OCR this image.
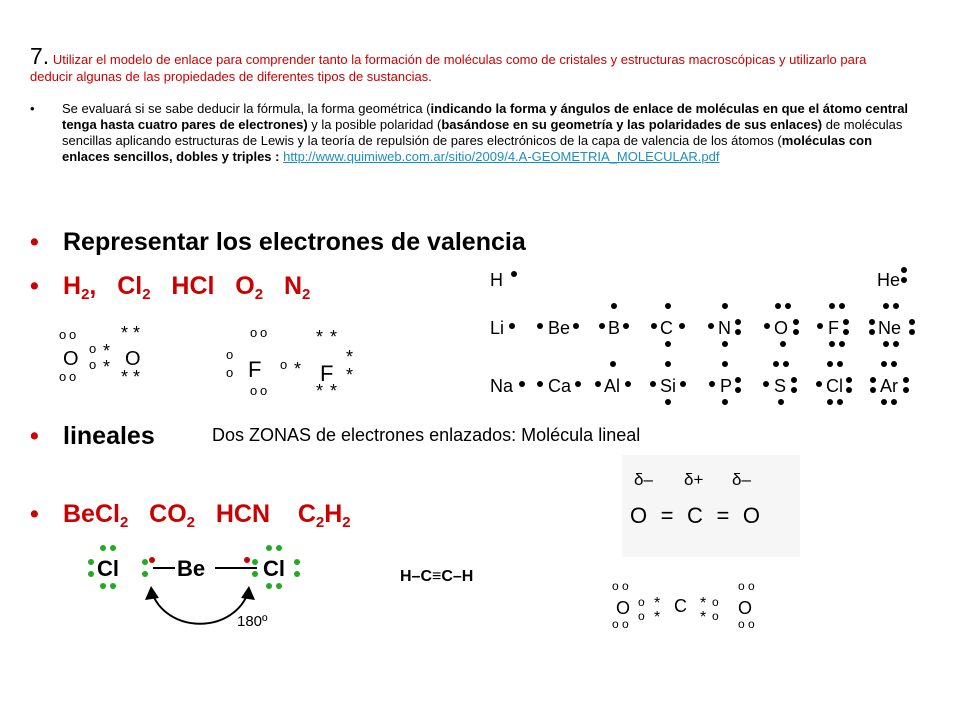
7. Utilizar el modelo de enlace para comprender tanto la formación de moléculas como de cristales y estructuras macroscópicas y utilizarlo para deducir algunas de las propiedades de diferentes tipos de sustancias.
•	Se evaluará si se sabe deducir la fórmula, la forma geométrica (indicando la forma y ángulos de enlace de moléculas en que el átomo central tenga hasta cuatro pares de electrones) y la posible polaridad (basándose en su geometría y las polaridades de sus enlaces) de moléculas sencillas aplicando estructuras de Lewis y la teoría de repulsión de pares electrónicos de la capa de valencia de los átomos (moléculas con enlaces sencillos, dobles y triples : http://www.quimiweb.com.ar/sitio/2009/4.A-GEOMETRIA_MOLECULAR.pdf
• Representar los electrones de valencia
• $H_2$, $Cl_2$ HCl $O_2$ $N_2$
• lineales	Dos ZONAS de electrones enlazados: Molécula lineal
• BeCl$_2$ $CO_2$ HCN $C_2H_2$
o o
o o
o
o
* *
* *
*
*
O O
o o
o
o
o o
o
* *
*
*
*
* *
F	F
H	He
Li Be B C	N O F Ne
Na Ca Al Si P S Cl Ar
δ– δ+ δ–
O=C=O
o o
o o
o
o
*
*
*
*
o
o
o o
o o
O C	O
Cl	Be	Cl
180º
H–C≡C–H
